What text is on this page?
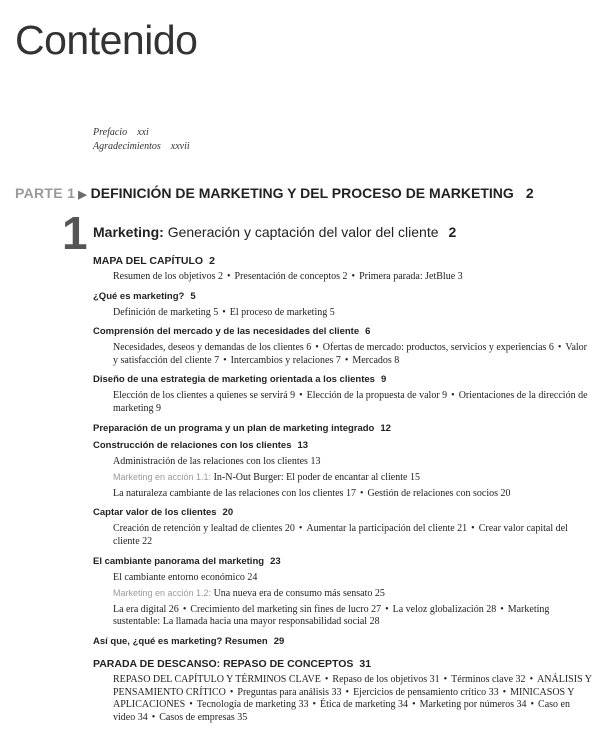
Contenido
Prefacio xxi
Agradecimientos xxvii
PARTE 1 ▶ DEFINICIÓN DE MARKETING Y DEL PROCESO DE MARKETING 2
1 Marketing: Generación y captación del valor del cliente 2
MAPA DEL CAPÍTULO 2
Resumen de los objetivos 2 • Presentación de conceptos 2 • Primera parada: JetBlue 3
¿Qué es marketing? 5
Definición de marketing 5 • El proceso de marketing 5
Comprensión del mercado y de las necesidades del cliente 6
Necesidades, deseos y demandas de los clientes 6 • Ofertas de mercado: productos, servicios y experiencias 6 • Valor y satisfacción del cliente 7 • Intercambios y relaciones 7 • Mercados 8
Diseño de una estrategia de marketing orientada a los clientes 9
Elección de los clientes a quienes se servirá 9 • Elección de la propuesta de valor 9 • Orientaciones de la dirección de marketing 9
Preparación de un programa y un plan de marketing integrado 12
Construcción de relaciones con los clientes 13
Administración de las relaciones con los clientes 13
Marketing en acción 1.1: In-N-Out Burger: El poder de encantar al cliente 15
La naturaleza cambiante de las relaciones con los clientes 17 • Gestión de relaciones con socios 20
Captar valor de los clientes 20
Creación de retención y lealtad de clientes 20 • Aumentar la participación del cliente 21 • Crear valor capital del cliente 22
El cambiante panorama del marketing 23
El cambiante entorno económico 24
Marketing en acción 1.2: Una nueva era de consumo más sensato 25
La era digital 26 • Crecimiento del marketing sin fines de lucro 27 • La veloz globalización 28 • Marketing sustentable: La llamada hacia una mayor responsabilidad social 28
Así que, ¿qué es marketing? Resumen 29
PARADA DE DESCANSO: REPASO DE CONCEPTOS 31
REPASO DEL CAPÍTULO Y TÉRMINOS CLAVE • Repaso de los objetivos 31 • Términos clave 32 • ANÁLISIS Y PENSAMIENTO CRÍTICO • Preguntas para análisis 33 • Ejercicios de pensamiento crítico 33 • MINICASOS Y APLICACIONES • Tecnología de marketing 33 • Ética de marketing 34 • Marketing por números 34 • Caso en video 34 • Casos de empresas 35
